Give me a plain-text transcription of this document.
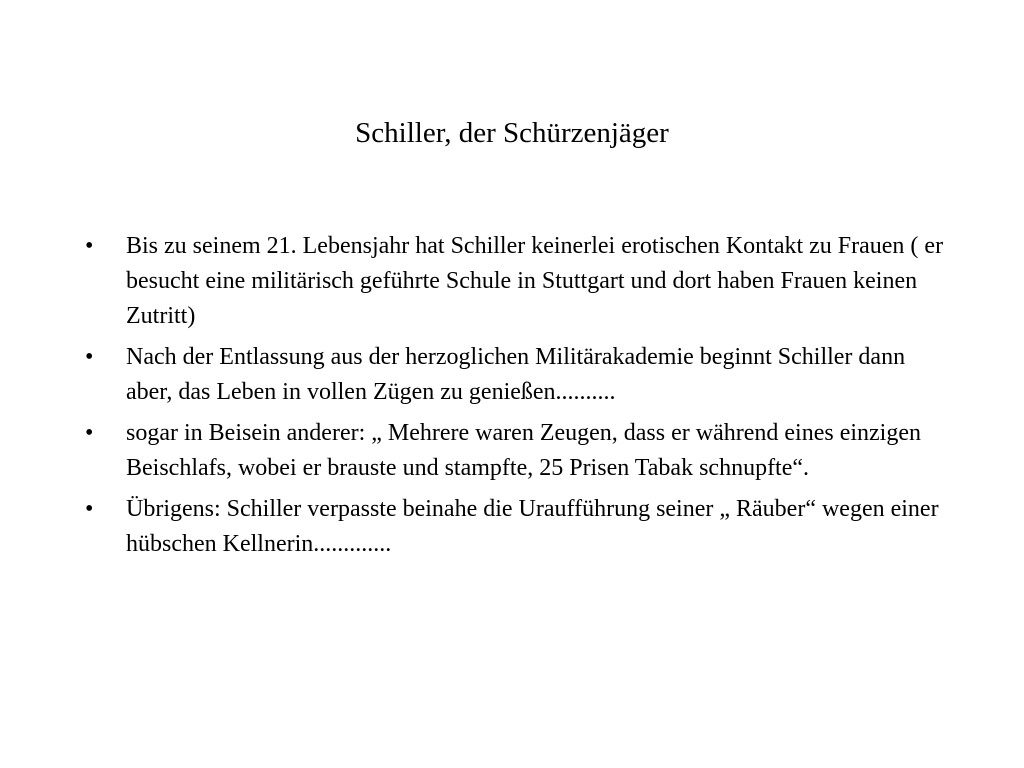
Schiller, der Schürzenjäger
•	Bis zu seinem 21. Lebensjahr hat Schiller keinerlei erotischen Kontakt zu Frauen ( er besucht eine militärisch geführte Schule in Stuttgart und dort haben Frauen keinen Zutritt)
•	Nach der Entlassung aus der herzoglichen Militärakademie beginnt Schiller dann aber, das Leben in vollen Zügen zu genießen..........
•	sogar in Beisein anderer: „ Mehrere waren Zeugen, dass er während eines einzigen Beischlafs, wobei er brauste und stampfte, 25 Prisen Tabak schnupfte“.
•	Übrigens: Schiller verpasste beinahe die Uraufführung seiner „ Räuber“ wegen einer hübschen Kellnerin.............
